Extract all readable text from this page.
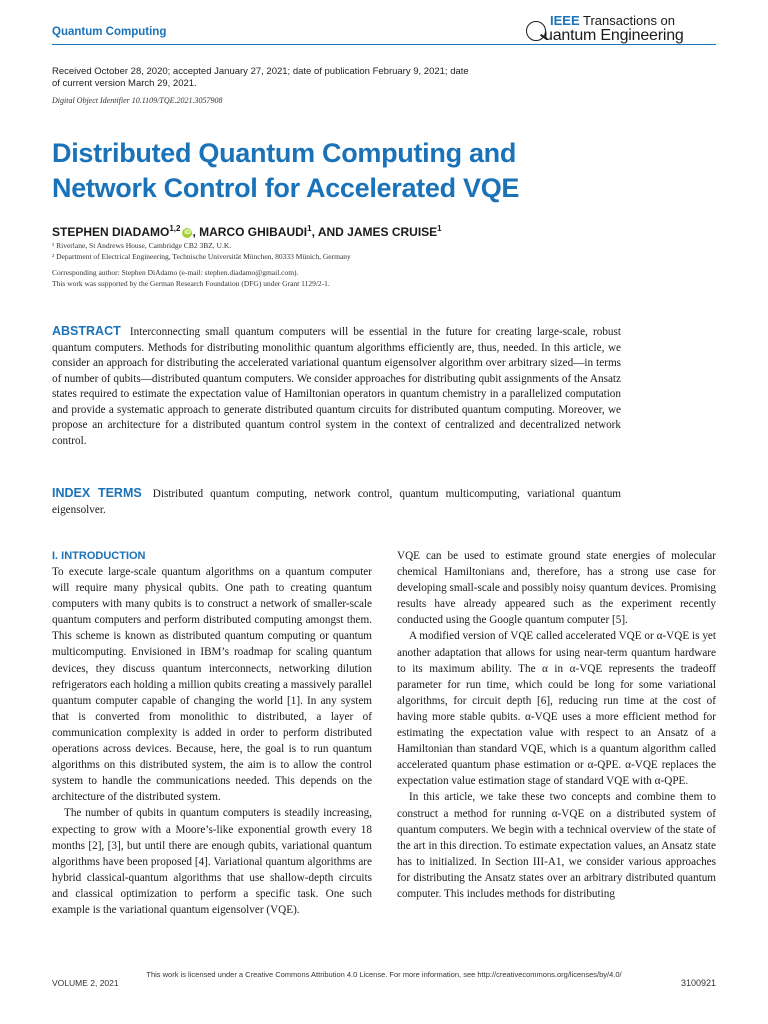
Quantum Computing
IEEE Transactions on
uantum Engineering
Received October 28, 2020; accepted January 27, 2021; date of publication February 9, 2021; date of current version March 29, 2021.
Digital Object Identifier 10.1109/TQE.2021.3057908
Distributed Quantum Computing and
Network Control for Accelerated VQE
STEPHEN DIADAMO$^{1,2}$ iD , MARCO GHIBAUDI$^1$, AND JAMES CRUISE$^1$

¹ Riverlane, St Andrews House, Cambridge CB2 3BZ, U.K.

² Department of Electrical Engineering, Technische Universität München, 80333 Münich, Germany

Corresponding author: Stephen DiAdamo (e-mail: stephen.diadamo@gmail.com).

This work was supported by the German Research Foundation (DFG) under Grant 1129/2-1.

ABSTRACT Interconnecting small quantum computers will be essential in the future for creating large-scale, robust quantum computers. Methods for distributing monolithic quantum algorithms efficiently are, thus, needed. In this article, we consider an approach for distributing the accelerated variational quantum eigensolver algorithm over arbitrary sized—in terms of number of qubits—distributed quantum computers. We consider approaches for distributing qubit assignments of the Ansatz states required to estimate the expectation value of Hamiltonian operators in quantum chemistry in a parallelized computation and provide a systematic approach to generate distributed quantum circuits for distributed quantum computing. Moreover, we propose an architecture for a distributed quantum control system in the context of centralized and decentralized network control.
INDEX TERMS Distributed quantum computing, network control, quantum multicomputing, variational quantum eigensolver.
I. INTRODUCTION

To execute large-scale quantum algorithms on a quantum computer will require many physical qubits. One path to creating quantum computers with many qubits is to construct a network of smaller-scale quantum computers and perform distributed computing amongst them. This scheme is known as distributed quantum computing or quantum multicomputing. Envisioned in IBM’s roadmap for scaling quantum devices, they discuss quantum interconnects, networking dilution refrigerators each holding a million qubits creating a massively parallel quantum computer capable of changing the world [1]. In any system that is converted from monolithic to distributed, a layer of communication complexity is added in order to perform distributed operations across devices. Because, here, the goal is to run quantum algorithms on this distributed system, the aim is to allow the control system to handle the communications needed. This depends on the architecture of the distributed system.

The number of qubits in quantum computers is steadily increasing, expecting to grow with a Moore’s-like exponential growth every 18 months [2], [3], but until there are enough qubits, variational quantum algorithms have been proposed [4]. Variational quantum algorithms are hybrid classical-quantum algorithms that use shallow-depth circuits and classical optimization to perform a specific task. One such example is the variational quantum eigensolver (VQE).

VQE can be used to estimate ground state energies of molecular chemical Hamiltonians and, therefore, has a strong use case for developing small-scale and possibly noisy quantum devices. Promising results have already appeared such as the experiment recently conducted using the Google quantum computer [5].

A modified version of VQE called accelerated VQE or α-VQE is yet another adaptation that allows for using near-term quantum hardware to its maximum ability. The α in α-VQE represents the tradeoff parameter for run time, which could be long for some variational algorithms, for circuit depth [6], reducing run time at the cost of having more stable qubits. α-VQE uses a more efficient method for estimating the expectation value with respect to an Ansatz of a Hamiltonian than standard VQE, which is a quantum algorithm called accelerated quantum phase estimation or α-QPE. α-VQE replaces the expectation value estimation stage of standard VQE with α-QPE.

In this article, we take these two concepts and combine them to construct a method for running α-VQE on a distributed system of quantum computers. We begin with a technical overview of the state of the art in this direction. To estimate expectation values, an Ansatz state has to initialized. In Section III-A1, we consider various approaches for distributing the Ansatz states over an arbitrary distributed quantum computer. This includes methods for distributing

VOLUME 2, 2021
This work is licensed under a Creative Commons Attribution 4.0 License. For more information, see http://creativecommons.org/licenses/by/4.0/
3100921
